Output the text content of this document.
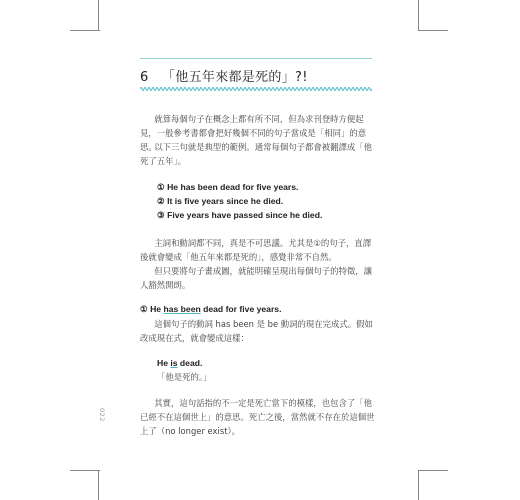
6 「他五年來都是死的」?!
就算每個句子在概念上都有所不同，但為求刊登時方便起見，一般參考書都會把好幾個不同的句子當成是「相同」的意思。
以下三句就是典型的範例。通常每個句子都會被翻譯成「他死了五年」。
① He has been dead for five years.
② It is five years since he died.
③ Five years have passed since he died.
主詞和動詞都不同，真是不可思議。尤其是①的句子，直譯後就會變成「他五年來都是死的」，感覺非常不自然。
但只要將句子畫成圖，就能明確呈現出每個句子的特徵，讓人豁然開朗。
① He has been dead for five years.
這個句子的動詞 has been 是 be 動詞的現在完成式。假如改成現在式，就會變成這樣：
He is dead.
「他是死的。」
其實，這句話指的不一定是死亡當下的模樣，也包含了「他已經不在這個世上」的意思。死亡之後，當然就不存在於這個世上了（no longer exist）。
022
